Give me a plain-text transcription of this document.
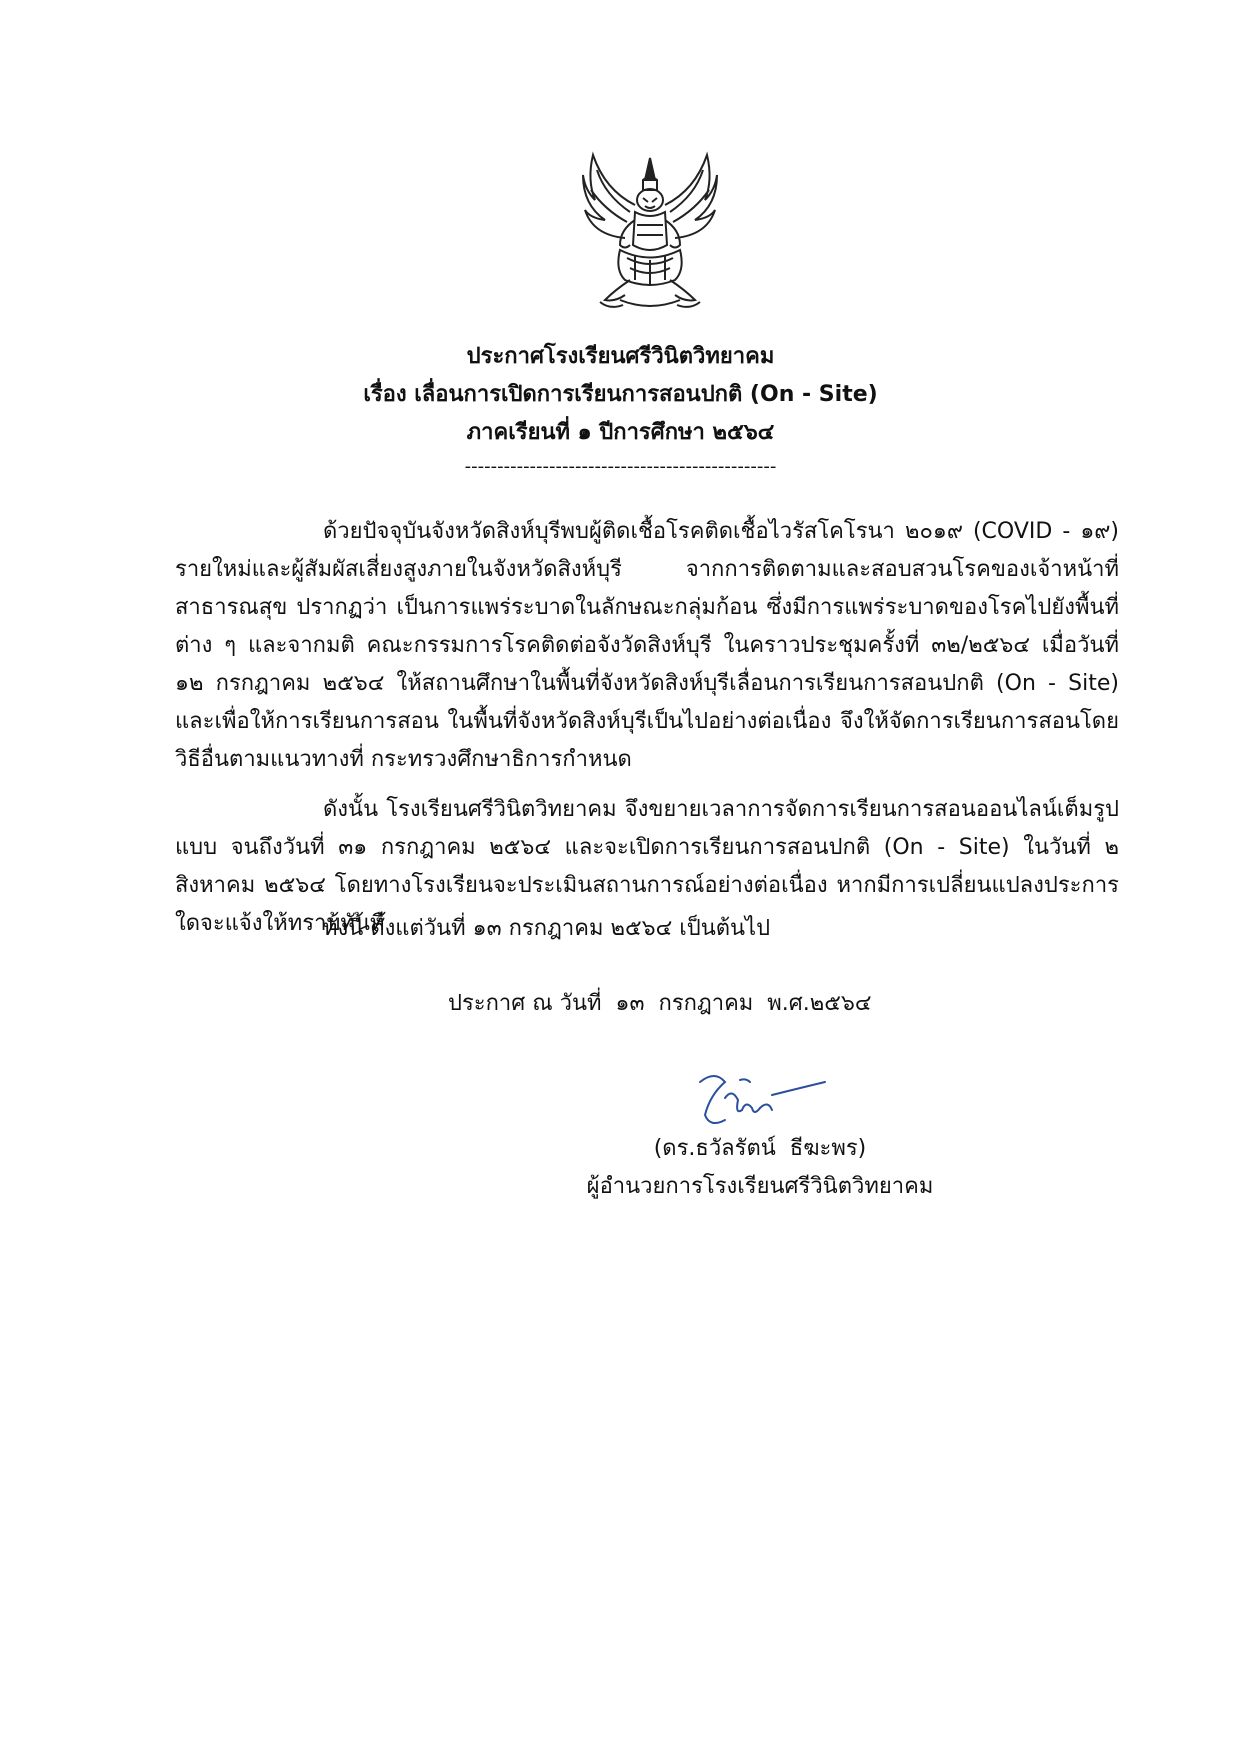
ประกาศโรงเรียนศรีวินิตวิทยาคม
เรื่อง เลื่อนการเปิดการเรียนการสอนปกติ (On - Site)
ภาคเรียนที่ ๑ ปีการศึกษา ๒๕๖๔
------------------------------------------------

ด้วยปัจจุบันจังหวัดสิงห์บุรีพบผู้ติดเชื้อโรคติดเชื้อไวรัสโคโรนา ๒๐๑๙ (COVID - ๑๙) รายใหม่และผู้สัมผัสเสี่ยงสูงภายในจังหวัดสิงห์บุรี จากการติดตามและสอบสวนโรคของเจ้าหน้าที่สาธารณสุข ปรากฏว่า เป็นการแพร่ระบาดในลักษณะกลุ่มก้อน ซึ่งมีการแพร่ระบาดของโรคไปยังพื้นที่ต่าง ๆ และจากมติ คณะกรรมการโรคติดต่อจังวัดสิงห์บุรี ในคราวประชุมครั้งที่ ๓๒/๒๕๖๔ เมื่อวันที่ ๑๒ กรกฎาคม ๒๕๖๔ ให้สถานศึกษาในพื้นที่จังหวัดสิงห์บุรีเลื่อนการเรียนการสอนปกติ (On - Site) และเพื่อให้การเรียนการสอน ในพื้นที่จังหวัดสิงห์บุรีเป็นไปอย่างต่อเนื่อง จึงให้จัดการเรียนการสอนโดยวิธีอื่นตามแนวทางที่ กระทรวงศึกษาธิการกำหนด

ดังนั้น โรงเรียนศรีวินิตวิทยาคม จึงขยายเวลาการจัดการเรียนการสอนออนไลน์เต็มรูปแบบ จนถึงวันที่ ๓๑ กรกฎาคม ๒๕๖๔ และจะเปิดการเรียนการสอนปกติ (On - Site) ในวันที่ ๒ สิงหาคม ๒๕๖๔ โดยทางโรงเรียนจะประเมินสถานการณ์อย่างต่อเนื่อง หากมีการเปลี่ยนแปลงประการใดจะแจ้งให้ทราบทันที

ทั้งนี้ ตั้งแต่วันที่ ๑๓ กรกฎาคม ๒๕๖๔ เป็นต้นไป

ประกาศ ณ วันที่  ๑๓  กรกฎาคม  พ.ศ.๒๕๖๔
(ดร.ธวัลรัตน์  ธีฆะพร)
ผู้อำนวยการโรงเรียนศรีวินิตวิทยาคม
